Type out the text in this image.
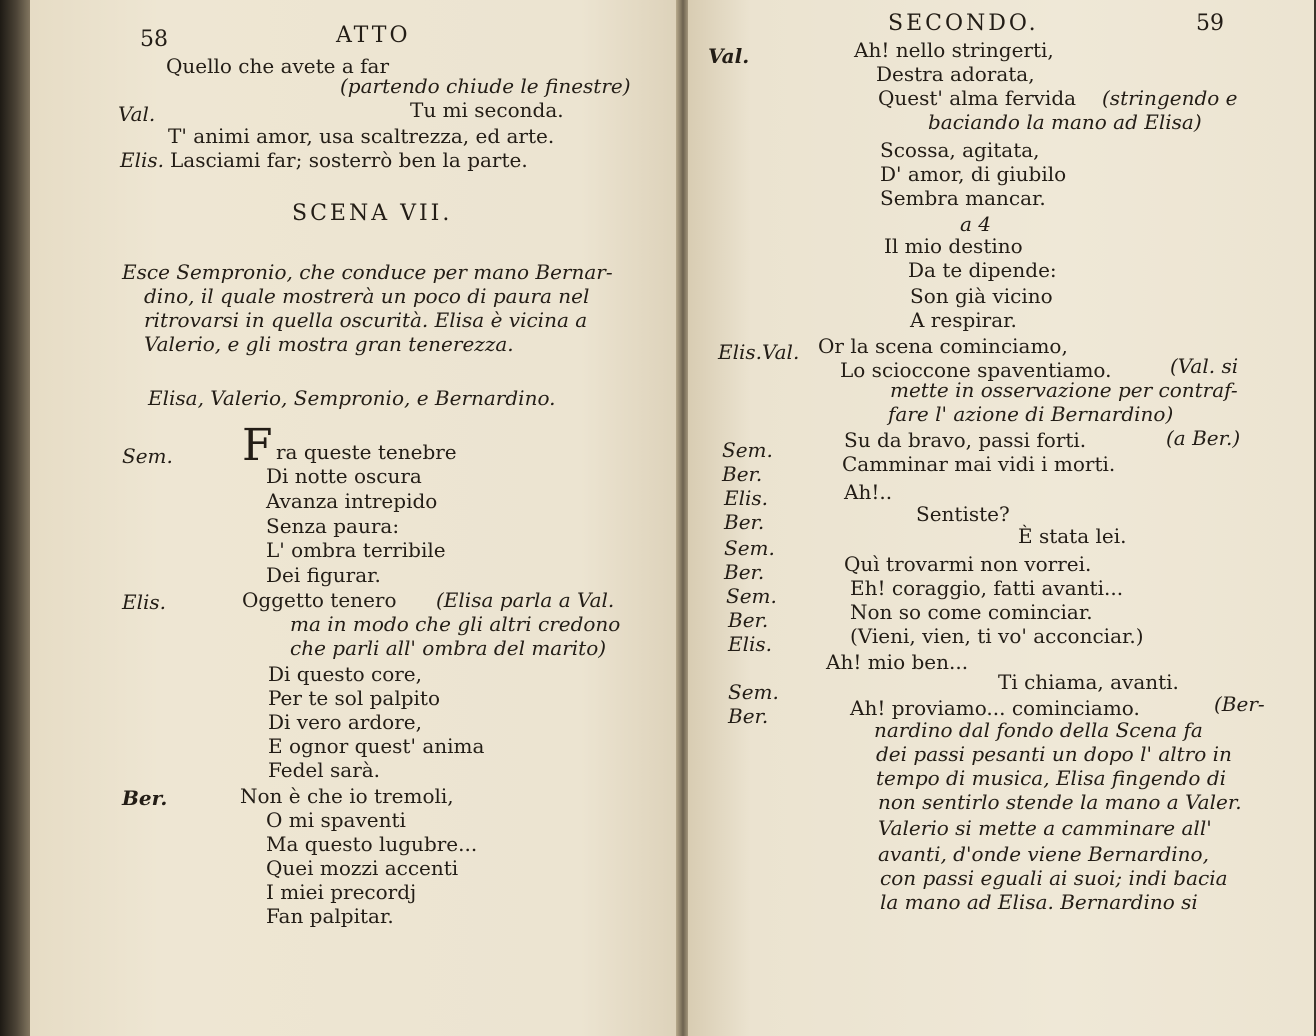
58	ATTO
Quello che avete a far
(partendo chiude le finestre)
Val.	Tu mi seconda.
T' animi amor, usa scaltrezza, ed arte.
Elis. Lasciami far; sosterrò ben la parte.
SCENA VII.
Esce Sempronio, che conduce per mano Bernar-
dino, il quale mostrerà un poco di paura nel
ritrovarsi in quella oscurità. Elisa è vicina a
Valerio, e gli mostra gran tenerezza.
Elisa, Valerio, Sempronio, e Bernardino.
Sem. F ra queste tenebre
Di notte oscura
Avanza intrepido
Senza paura:
L' ombra terribile
Dei figurar.
Elis.	Oggetto tenero (Elisa parla a Val.
ma in modo che gli altri credono
che parli all' ombra del marito)
Di questo core,
Per te sol palpito
Di vero ardore,
E ognor quest' anima
Fedel sarà.
Ber.	Non è che io tremoli,
O mi spaventi
Ma questo lugubre...
Quei mozzi accenti
I miei precordj
Fan palpitar.
SECONDO.	59
Val.	Ah! nello stringerti,
Destra adorata,
Quest' alma fervida (stringendo e
baciando la mano ad Elisa)
Scossa, agitata,
D' amor, di giubilo
Sembra mancar.
a 4
Il mio destino
Da te dipende:
Son già vicino
A respirar.
Elis.Val. Or la scena cominciamo,
Lo scioccone spaventiamo.	(Val. si
mette in osservazione per contraf-
fare l' azione di Bernardino)
Sem.	Su da bravo, passi forti.	(a Ber.)
Ber.	Camminar mai vidi i morti.
Elis.	Ah!..
Ber.	Sentiste?
Sem.	È stata lei.
Ber.	Quì trovarmi non vorrei.
Sem.	Eh! coraggio, fatti avanti...
Ber.	Non so come cominciar.
Elis.	(Vieni, vien, ti vo' acconciar.)
Ah! mio ben...
Sem.	Ti chiama, avanti.
Ber.	Ah! proviamo... cominciamo.	(Ber-
nardino dal fondo della Scena fa
dei passi pesanti un dopo l' altro in
tempo di musica, Elisa fingendo di
non sentirlo stende la mano a Valer.
Valerio si mette a camminare all'
avanti, d'onde viene Bernardino,
con passi eguali ai suoi; indi bacia
la mano ad Elisa. Bernardino si
